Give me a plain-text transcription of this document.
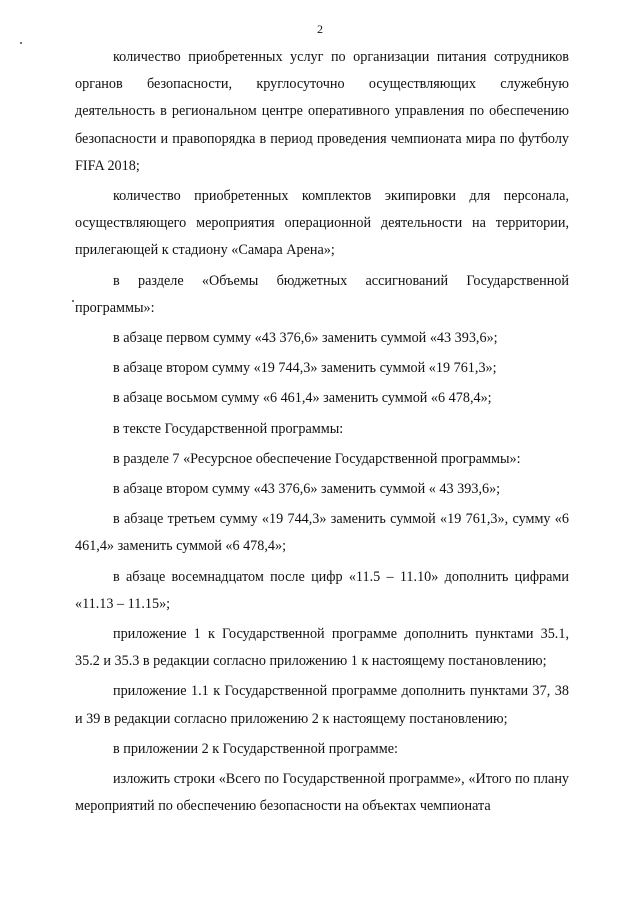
2

количество приобретенных услуг по организации питания сотрудников органов безопасности, круглосуточно осуществляющих служебную деятельность в региональном центре оперативного управления по обеспечению безопасности и правопорядка в период проведения чемпионата мира по футболу FIFA 2018;

количество приобретенных комплектов экипировки для персонала, осуществляющего мероприятия операционной деятельности на территории, прилегающей к стадиону «Самара Арена»;

в разделе «Объемы бюджетных ассигнований Государственной программы»:

в абзаце первом сумму «43 376,6» заменить суммой «43 393,6»;

в абзаце втором сумму «19 744,3» заменить суммой «19 761,3»;

в абзаце восьмом сумму «6 461,4» заменить суммой «6 478,4»;

в тексте Государственной программы:

в разделе 7 «Ресурсное обеспечение Государственной программы»:

в абзаце втором сумму «43 376,6» заменить суммой « 43 393,6»;

в абзаце третьем сумму «19 744,3» заменить суммой «19 761,3», сумму «6 461,4» заменить суммой «6 478,4»;

в абзаце восемнадцатом после цифр «11.5 – 11.10» дополнить цифрами «11.13 – 11.15»;

приложение 1 к Государственной программе дополнить пунктами 35.1, 35.2 и 35.3 в редакции согласно приложению 1 к настоящему постановлению;

приложение 1.1 к Государственной программе дополнить пунктами 37, 38 и 39 в редакции согласно приложению 2 к настоящему постановлению;

в приложении 2 к Государственной программе:

изложить строки «Всего по Государственной программе», «Итого по плану мероприятий по обеспечению безопасности на объектах чемпионата
